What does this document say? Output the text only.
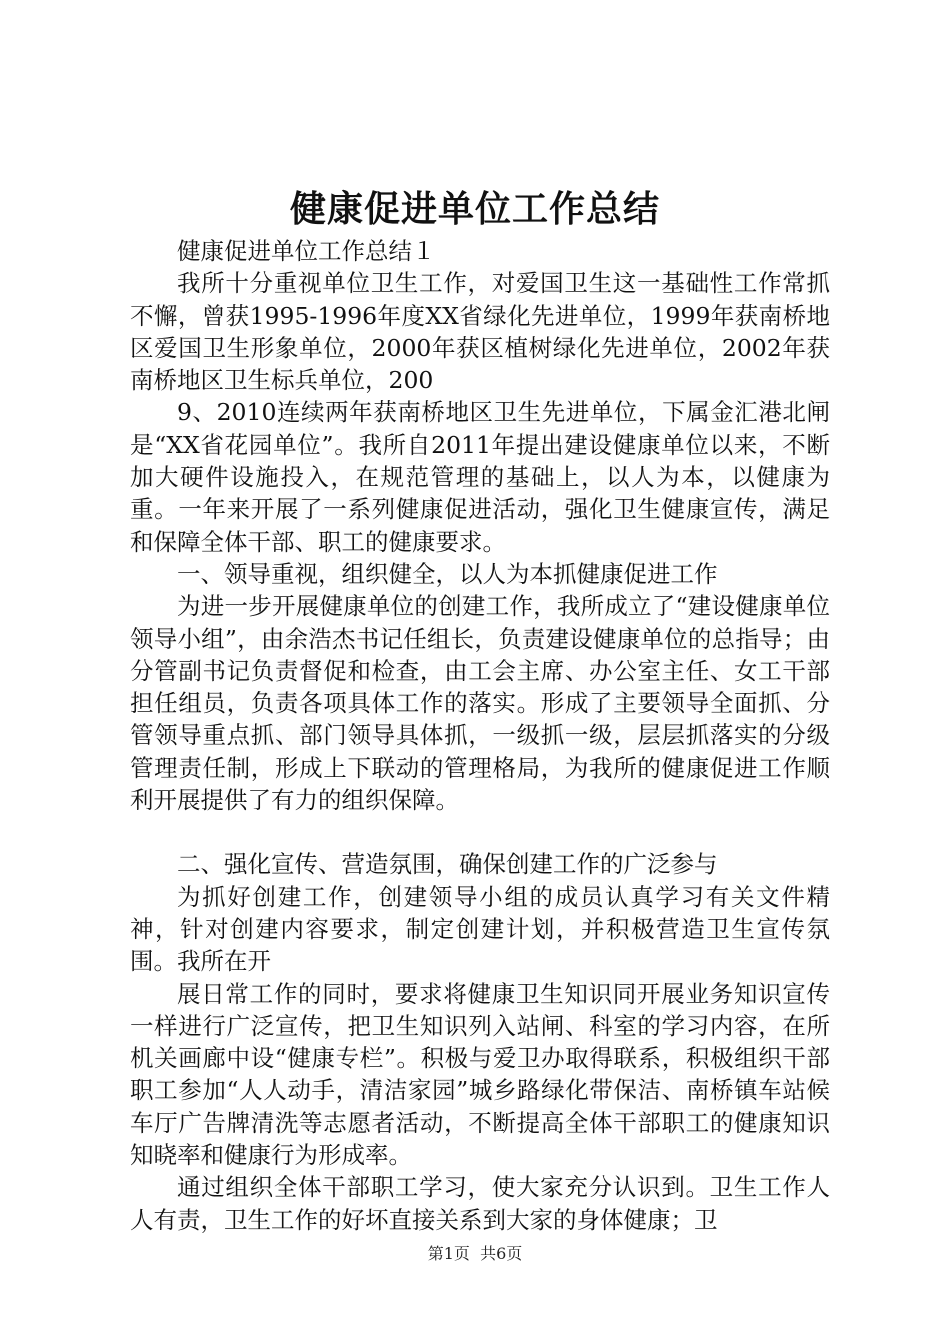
健康促进单位工作总结

健康促进单位工作总结１

我所十分重视单位卫生工作，对爱国卫生这一基础性工作常抓不懈，曾获1995-1996年度XX省绿化先进单位，1999年获南桥地区爱国卫生形象单位，2000年获区植树绿化先进单位，2002年获南桥地区卫生标兵单位，200

9、2010连续两年获南桥地区卫生先进单位，下属金汇港北闸是“XX省花园单位”。我所自2011年提出建设健康单位以来，不断加大硬件设施投入，在规范管理的基础上，以人为本，以健康为重。一年来开展了一系列健康促进活动，强化卫生健康宣传，满足和保障全体干部、职工的健康要求。

一、领导重视，组织健全，以人为本抓健康促进工作

为进一步开展健康单位的创建工作，我所成立了“建设健康单位领导小组”，由余浩杰书记任组长，负责建设健康单位的总指导；由分管副书记负责督促和检查，由工会主席、办公室主任、女工干部担任组员，负责各项具体工作的落实。形成了主要领导全面抓、分管领导重点抓、部门领导具体抓，一级抓一级，层层抓落实的分级管理责任制，形成上下联动的管理格局，为我所的健康促进工作顺利开展提供了有力的组织保障。

二、强化宣传、营造氛围，确保创建工作的广泛参与

为抓好创建工作，创建领导小组的成员认真学习有关文件精神，针对创建内容要求，制定创建计划，并积极营造卫生宣传氛围。我所在开

展日常工作的同时，要求将健康卫生知识同开展业务知识宣传一样进行广泛宣传，把卫生知识列入站闸、科室的学习内容，在所机关画廊中设“健康专栏”。积极与爱卫办取得联系，积极组织干部职工参加“人人动手，清洁家园”城乡路绿化带保洁、南桥镇车站候车厅广告牌清洗等志愿者活动，不断提高全体干部职工的健康知识知晓率和健康行为形成率。

通过组织全体干部职工学习，使大家充分认识到。卫生工作人人有责，卫生工作的好坏直接关系到大家的身体健康；卫

第1页 共6页
